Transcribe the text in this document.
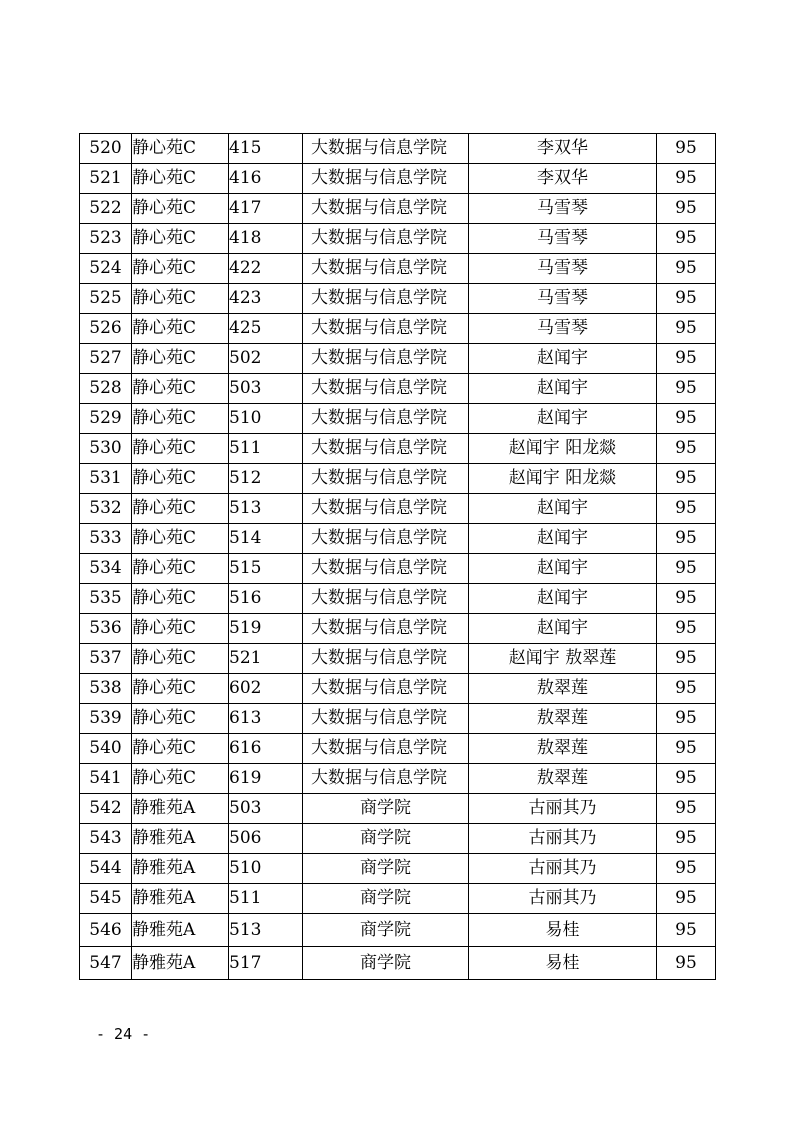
520	静心苑C	415	大数据与信息学院	李双华	95
521	静心苑C	416	大数据与信息学院	李双华	95
522	静心苑C	417	大数据与信息学院	马雪琴	95
523	静心苑C	418	大数据与信息学院	马雪琴	95
524	静心苑C	422	大数据与信息学院	马雪琴	95
525	静心苑C	423	大数据与信息学院	马雪琴	95
526	静心苑C	425	大数据与信息学院	马雪琴	95
527	静心苑C	502	大数据与信息学院	赵闻宇	95
528	静心苑C	503	大数据与信息学院	赵闻宇	95
529	静心苑C	510	大数据与信息学院	赵闻宇	95
530	静心苑C	511	大数据与信息学院	赵闻宇 阳龙燚	95
531	静心苑C	512	大数据与信息学院	赵闻宇 阳龙燚	95
532	静心苑C	513	大数据与信息学院	赵闻宇	95
533	静心苑C	514	大数据与信息学院	赵闻宇	95
534	静心苑C	515	大数据与信息学院	赵闻宇	95
535	静心苑C	516	大数据与信息学院	赵闻宇	95
536	静心苑C	519	大数据与信息学院	赵闻宇	95
537	静心苑C	521	大数据与信息学院	赵闻宇 敖翠莲	95
538	静心苑C	602	大数据与信息学院	敖翠莲	95
539	静心苑C	613	大数据与信息学院	敖翠莲	95
540	静心苑C	616	大数据与信息学院	敖翠莲	95
541	静心苑C	619	大数据与信息学院	敖翠莲	95
542	静雅苑A	503	商学院	古丽其乃	95
543	静雅苑A	506	商学院	古丽其乃	95
544	静雅苑A	510	商学院	古丽其乃	95
545	静雅苑A	511	商学院	古丽其乃	95
546	静雅苑A	513	商学院	易桂	95
547	静雅苑A	517	商学院	易桂	95
- 24 -
